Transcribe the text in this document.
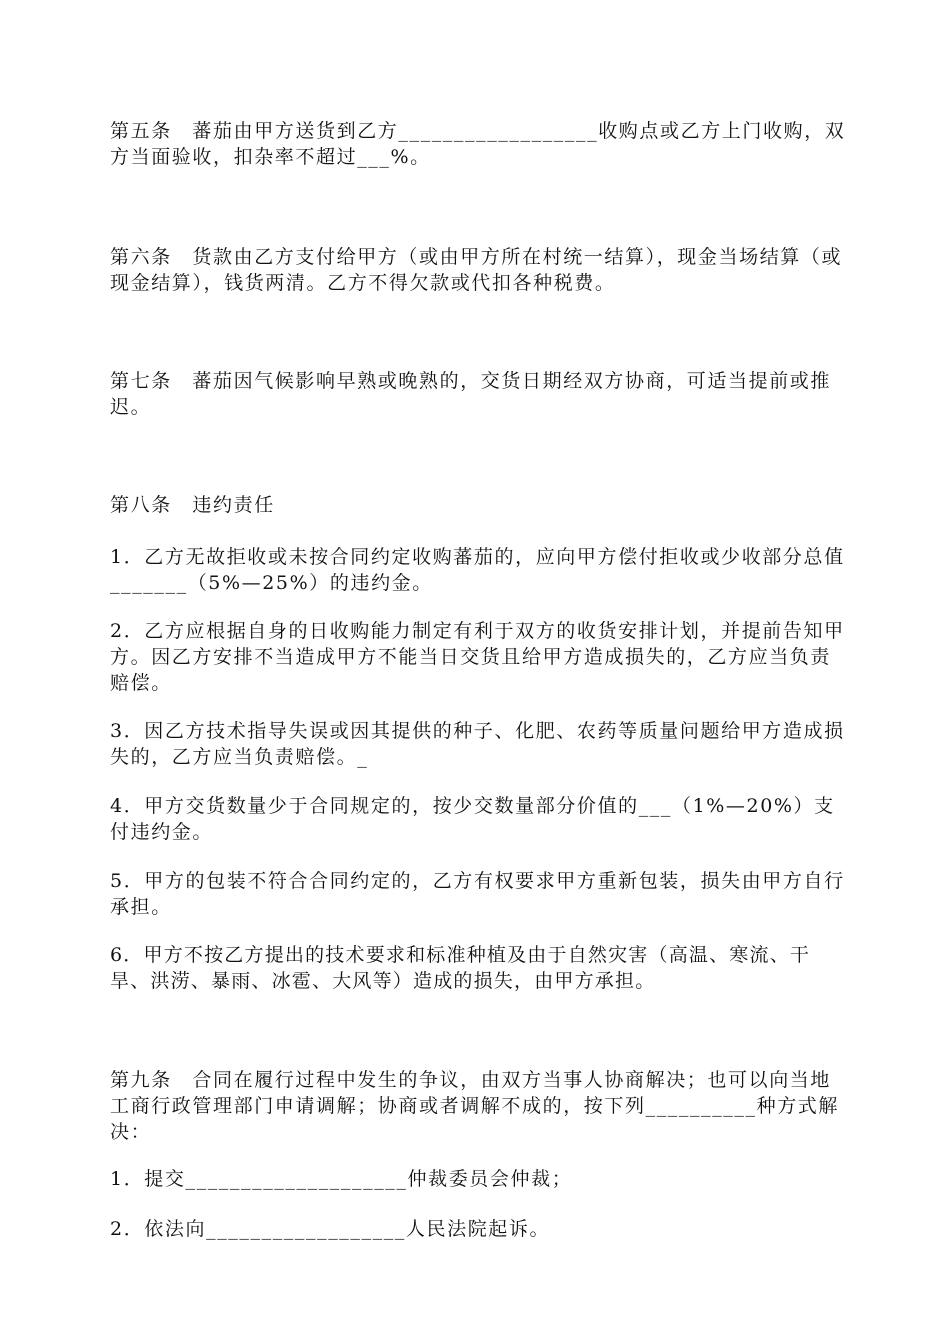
第五条　蕃茄由甲方送货到乙方__________________收购点或乙方上门收购，双方当面验收，扣杂率不超过___%。

第六条　货款由乙方支付给甲方（或由甲方所在村统一结算），现金当场结算（或现金结算），钱货两清。乙方不得欠款或代扣各种税费。

第七条　蕃茄因气候影响早熟或晚熟的，交货日期经双方协商，可适当提前或推迟。

第八条　违约责任

1．乙方无故拒收或未按合同约定收购蕃茄的，应向甲方偿付拒收或少收部分总值_______（5%—25%）的违约金。

2．乙方应根据自身的日收购能力制定有利于双方的收货安排计划，并提前告知甲方。因乙方安排不当造成甲方不能当日交货且给甲方造成损失的，乙方应当负责赔偿。

3．因乙方技术指导失误或因其提供的种子、化肥、农药等质量问题给甲方造成损失的，乙方应当负责赔偿。_

4．甲方交货数量少于合同规定的，按少交数量部分价值的___（1%—20%）支付违约金。

5．甲方的包装不符合合同约定的，乙方有权要求甲方重新包装，损失由甲方自行承担。

6．甲方不按乙方提出的技术要求和标准种植及由于自然灾害（高温、寒流、干旱、洪涝、暴雨、冰雹、大风等）造成的损失，由甲方承担。

第九条　合同在履行过程中发生的争议，由双方当事人协商解决；也可以向当地工商行政管理部门申请调解；协商或者调解不成的，按下列__________种方式解决：

1．提交____________________仲裁委员会仲裁；

2．依法向__________________人民法院起诉。
